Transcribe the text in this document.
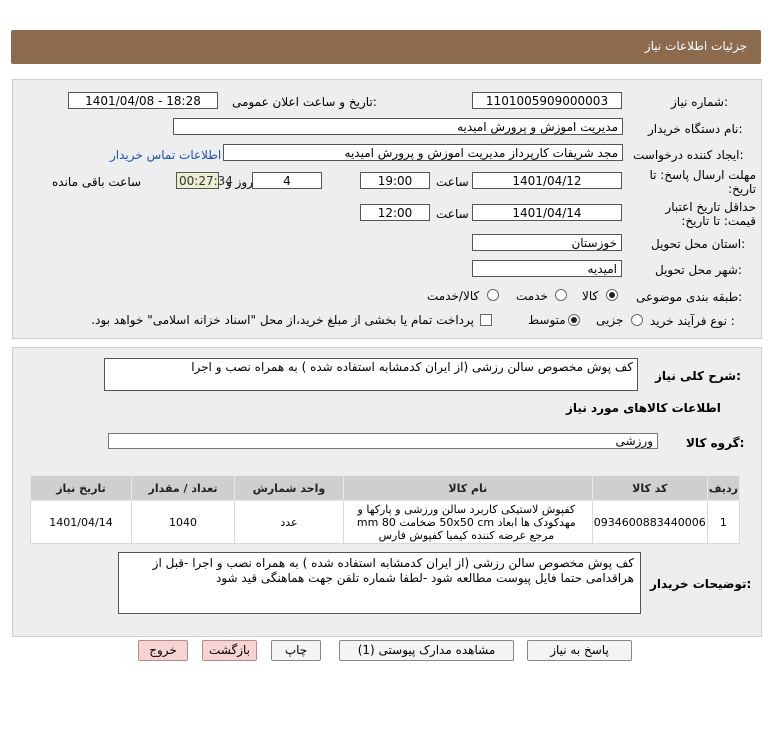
جزئیات اطلاعات نیاز
شماره نیاز:
1101005909000003
تاریخ و ساعت اعلان عمومی:
1401/04/08 - 18:28
نام دستگاه خریدار:
مدیریت اموزش و پرورش امیدیه
ایجاد کننده درخواست:
مجد شریفات کارپرداز مدیریت اموزش و پرورش امیدیه
اطلاعات تماس خریدار
مهلت ارسال پاسخ: تا تاریخ:
1401/04/12
ساعت
19:00
4
روز و
00:27:34
ساعت باقی مانده
حداقل تاریخ اعتبار قیمت: تا تاریخ:
1401/04/14
ساعت
12:00
استان محل تحویل:
خوزستان
شهر محل تحویل:
امیدیه
طبقه بندی موضوعی:
کالا
خدمت
کالا/خدمت
نوع فرآیند خرید :
جزیی
متوسط
پرداخت تمام یا بخشی از مبلغ خرید،از محل "اسناد خزانه اسلامی" خواهد بود.
شرح کلی نیاز:
کف پوش مخصوص سالن رزشی (از ایران کدمشابه استفاده شده ) به همراه نصب و اجرا
اطلاعات کالاهای مورد نیاز
گروه کالا:
ورزشی
ردیف	کد کالا	نام کالا	واحد شمارش	تعداد / مقدار	تاریخ نیاز
1	0934600883440006	کفپوش لاستیکی کاربرد سالن ورزشی و پارکها و مهدکودک ها ابعاد 50x50 cm ضخامت 80 mm مرجع عرضه کننده کیمیا کفپوش فارس	عدد	1040	1401/04/14
توضیحات خریدار:
کف پوش مخصوص سالن رزشی (از ایران کدمشابه استفاده شده ) به همراه نصب و اجرا -قبل از هراقدامی حتما فایل پیوست مطالعه شود -لطفا شماره تلفن جهت هماهنگی قید شود
پاسخ به نیاز
مشاهده مدارک پیوستی (1)
چاپ
بازگشت
خروج
